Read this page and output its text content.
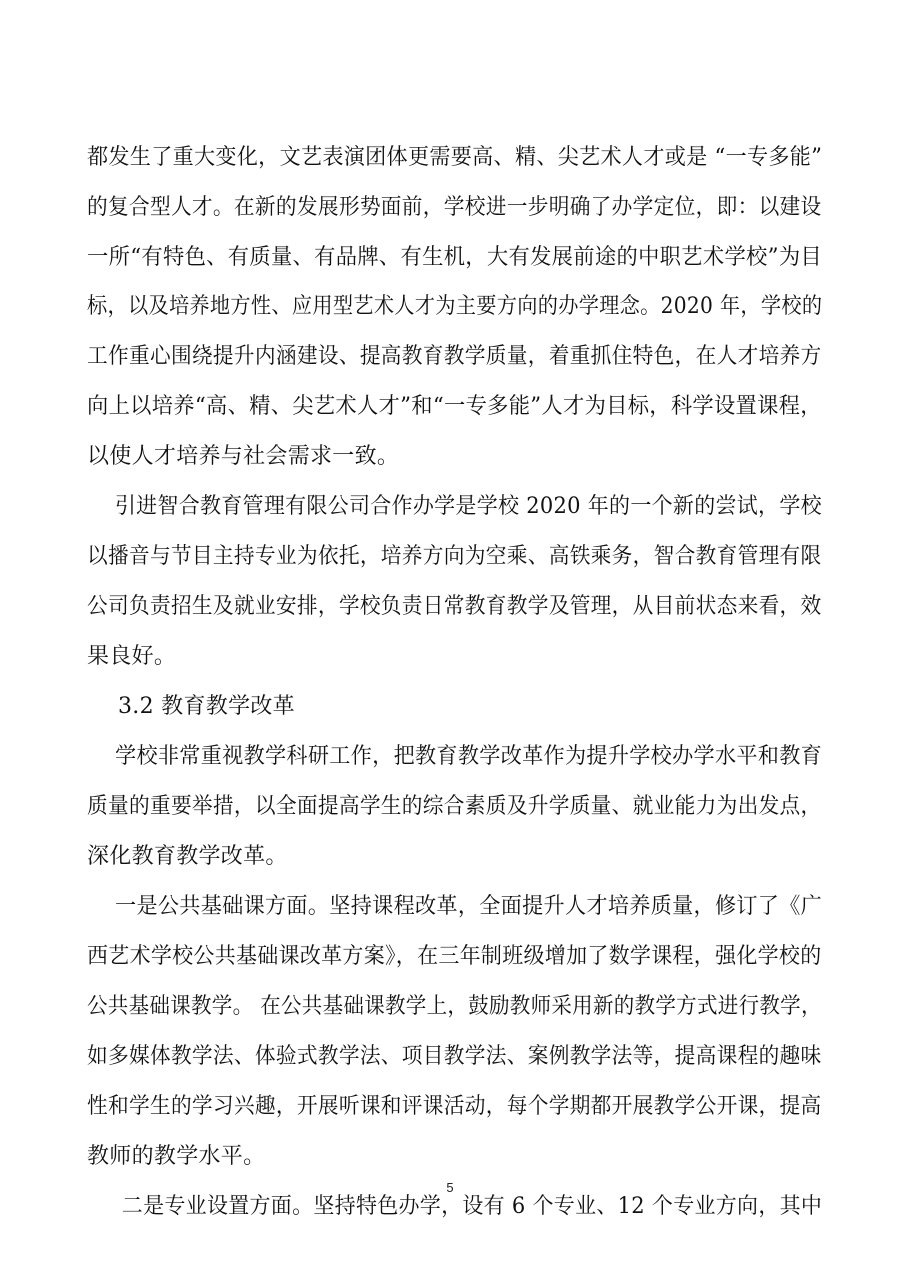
都发生了重大变化，文艺表演团体更需要高、精、尖艺术人才或是 “一专多能”
的复合型人才。在新的发展形势面前，学校进一步明确了办学定位，即：以建设
一所“有特色、有质量、有品牌、有生机，大有发展前途的中职艺术学校”为目
标，以及培养地方性、应用型艺术人才为主要方向的办学理念。2020 年，学校的
工作重心围绕提升内涵建设、提高教育教学质量，着重抓住特色，在人才培养方
向上以培养“高、精、尖艺术人才”和“一专多能”人才为目标，科学设置课程，
以使人才培养与社会需求一致。
引进智合教育管理有限公司合作办学是学校 2020 年的一个新的尝试，学校
以播音与节目主持专业为依托，培养方向为空乘、高铁乘务，智合教育管理有限
公司负责招生及就业安排，学校负责日常教育教学及管理，从目前状态来看，效
果良好。
3.2 教育教学改革
学校非常重视教学科研工作，把教育教学改革作为提升学校办学水平和教育
质量的重要举措，以全面提高学生的综合素质及升学质量、就业能力为出发点，
深化教育教学改革。
一是公共基础课方面。坚持课程改革，全面提升人才培养质量，修订了《广
西艺术学校公共基础课改革方案》，在三年制班级增加了数学课程，强化学校的
公共基础课教学。 在公共基础课教学上，鼓励教师采用新的教学方式进行教学，
如多媒体教学法、体验式教学法、项目教学法、案例教学法等，提高课程的趣味
性和学生的学习兴趣，开展听课和评课活动，每个学期都开展教学公开课，提高
教师的教学水平。
二是专业设置方面。坚持特色办学，设有 6 个专业、12 个专业方向，其中
5
